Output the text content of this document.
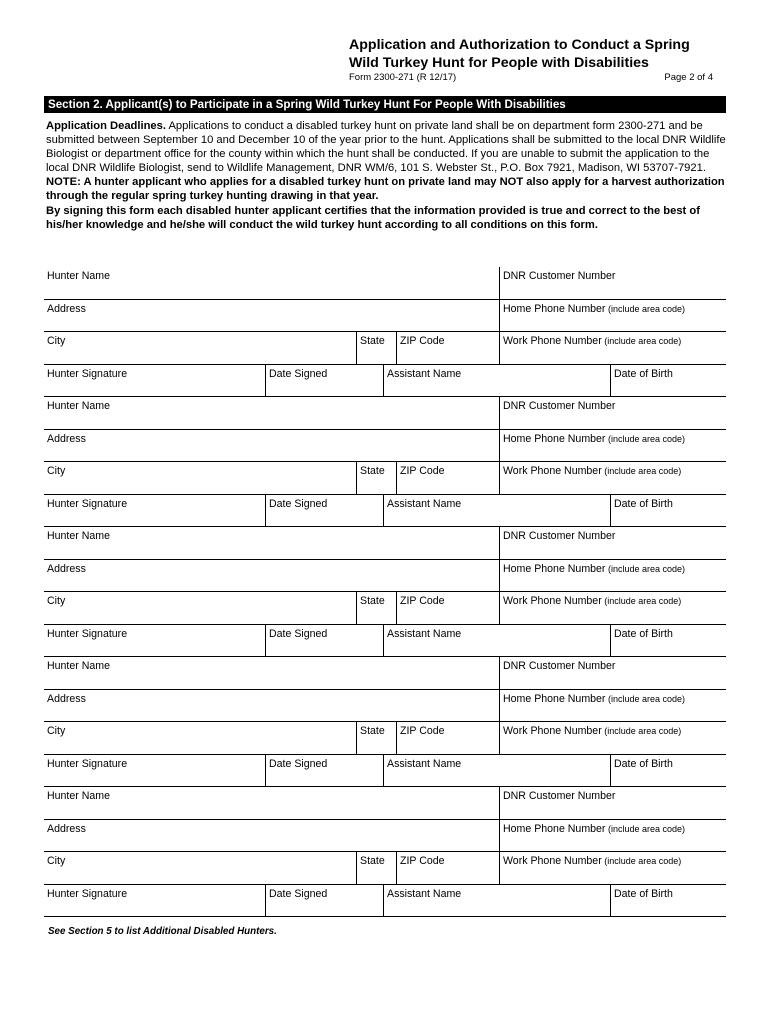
Application and Authorization to Conduct a Spring
Wild Turkey Hunt for People with Disabilities
Form 2300-271 (R 12/17)	Page 2 of 4
Section 2. Applicant(s) to Participate in a Spring Wild Turkey Hunt For People With Disabilities

Application Deadlines. Applications to conduct a disabled turkey hunt on private land shall be on department form 2300-271 and be submitted between September 10 and December 10 of the year prior to the hunt. Applications shall be submitted to the local DNR Wildlife Biologist or department office for the county within which the hunt shall be conducted. If you are unable to submit the application to the local DNR Wildlife Biologist, send to Wildlife Management, DNR WM/6, 101 S. Webster St., P.O. Box 7921, Madison, WI 53707-7921. NOTE: A hunter applicant who applies for a disabled turkey hunt on private land may NOT also apply for a harvest authorization through the regular spring turkey hunting drawing in that year.

By signing this form each disabled hunter applicant certifies that the information provided is true and correct to the best of his/her knowledge and he/she will conduct the wild turkey hunt according to all conditions on this form.

Hunter Name	DNR Customer Number
Address	Home Phone Number (include area code)
City	State	ZIP Code	Work Phone Number (include area code)
Hunter Signature	Date Signed	Assistant Name	Date of Birth
Hunter Name	DNR Customer Number
Address	Home Phone Number (include area code)
City	State	ZIP Code	Work Phone Number (include area code)
Hunter Signature	Date Signed	Assistant Name	Date of Birth
Hunter Name	DNR Customer Number
Address	Home Phone Number (include area code)
City	State	ZIP Code	Work Phone Number (include area code)
Hunter Signature	Date Signed	Assistant Name	Date of Birth
Hunter Name	DNR Customer Number
Address	Home Phone Number (include area code)
City	State	ZIP Code	Work Phone Number (include area code)
Hunter Signature	Date Signed	Assistant Name	Date of Birth
Hunter Name	DNR Customer Number
Address	Home Phone Number (include area code)
City	State	ZIP Code	Work Phone Number (include area code)
Hunter Signature	Date Signed	Assistant Name	Date of Birth
See Section 5 to list Additional Disabled Hunters.
